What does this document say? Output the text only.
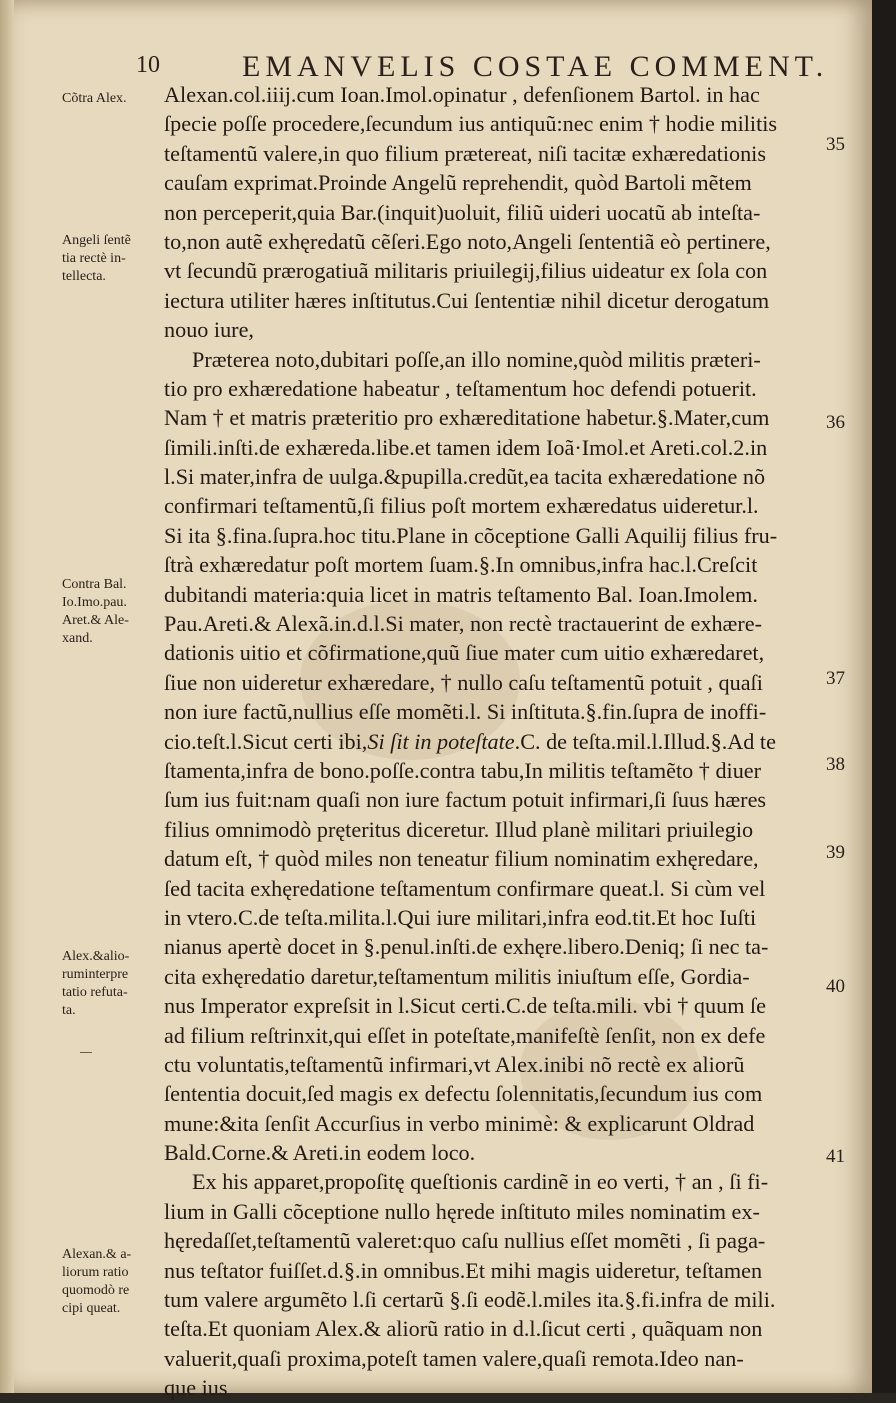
10	EMANVELIS COSTAE COMMENT.
Alexan.col.iiij.cum Ioan.Imol.opinatur , defenſionem Bartol. in hac
ſpecie poſſe procedere,ſecundum ius antiquũ:nec enim † hodie militis
teſtamentũ valere,in quo filium prætereat, niſi tacitæ exhæredationis
cauſam exprimat.Proinde Angelũ reprehendit, quòd Bartoli mẽtem
non perceperit,quia Bar.(inquit)uoluit, filiũ uideri uocatũ ab inteſta-
to,non autẽ exhęredatũ cẽſeri.Ego noto,Angeli ſententiã eò pertinere,
vt ſecundũ prærogatiuã militaris priuilegij,filius uideatur ex ſola con
iectura utiliter hæres inſtitutus.Cui ſententiæ nihil dicetur derogatum
nouo iure,
Præterea noto,dubitari poſſe,an illo nomine,quòd militis præteri-
tio pro exhæredatione habeatur , teſtamentum hoc defendi potuerit.
Nam † et matris præteritio pro exhæreditatione habetur.§.Mater,cum
ſimili.inſti.de exhæreda.libe.et tamen idem Ioã·Imol.et Areti.col.2.in
l.Si mater,infra de uulga.&pupilla.credũt,ea tacita exhæredatione nõ
confirmari teſtamentũ,ſi filius poſt mortem exhæredatus uideretur.l.
Si ita §.fina.ſupra.hoc titu.Plane in cõceptione Galli Aquilij filius fru-
ſtrà exhæredatur poſt mortem ſuam.§.In omnibus,infra hac.l.Creſcit
dubitandi materia:quia licet in matris teſtamento Bal. Ioan.Imolem.
Pau.Areti.& Alexã.in.d.l.Si mater, non rectè tractauerint de exhære-
dationis uitio et cõfirmatione,quũ ſiue mater cum uitio exhæredaret,
ſiue non uideretur exhæredare, † nullo caſu teſtamentũ potuit , quaſi
non iure factũ,nullius eſſe momẽti.l. Si inſtituta.§.fin.ſupra de inoffi-
cio.teſt.l.Sicut certi ibi,Si ſit in poteſtate.C. de teſta.mil.l.Illud.§.Ad te
ſtamenta,infra de bono.poſſe.contra tabu,In militis teſtamẽto † diuer
ſum ius fuit:nam quaſi non iure factum potuit infirmari,ſi ſuus hæres
filius omnimodò pręteritus diceretur. Illud planè militari priuilegio
datum eſt, † quòd miles non teneatur filium nominatim exhęredare,
ſed tacita exhęredatione teſtamentum confirmare queat.l. Si cùm vel
in vtero.C.de teſta.milita.l.Qui iure militari,infra eod.tit.Et hoc Iuſti
nianus apertè docet in §.penul.inſti.de exhęre.libero.Deniq; ſi nec ta-
cita exhęredatio daretur,teſtamentum militis iniuſtum eſſe, Gordia-
nus Imperator expreſsit in l.Sicut certi.C.de teſta.mili. vbi † quum ſe
ad filium reſtrinxit,qui eſſet in poteſtate,manifeſtè ſenſit, non ex defe
ctu voluntatis,teſtamentũ infirmari,vt Alex.inibi nõ rectè ex aliorũ
ſententia docuit,ſed magis ex defectu ſolennitatis,ſecundum ius com
mune:&ita ſenſit Accurſius in verbo minimè: & explicarunt Oldrad
Bald.Corne.& Areti.in eodem loco.
Ex his apparet,propoſitę queſtionis cardinẽ in eo verti, † an , ſi fi-
lium in Galli cõceptione nullo hęrede inſtituto miles nominatim ex-
hęredaſſet,teſtamentũ valeret:quo caſu nullius eſſet momẽti , ſi paga-
nus teſtator fuiſſet.d.§.in omnibus.Et mihi magis uideretur, teſtamen
tum valere argumẽto l.ſi certarũ §.ſi eodẽ.l.miles ita.§.fi.infra de mili.
teſta.Et quoniam Alex.& aliorũ ratio in d.l.ſicut certi , quãquam non
valuerit,quaſi proxima,poteſt tamen valere,quaſi remota.Ideo nan-
que ius
Cõtra Alex.
Angeli ſentẽ
tia rectè in-
tellecta.
Contra Bal.
Io.Imo.pau.
Aret.& Ale-
xand.
Alex.&alio-
ruminterpre
tatio refuta-
ta.
Alexan.& a-
liorum ratio
quomodò re
cipi queat.
35
36
37
38
39
40
41
